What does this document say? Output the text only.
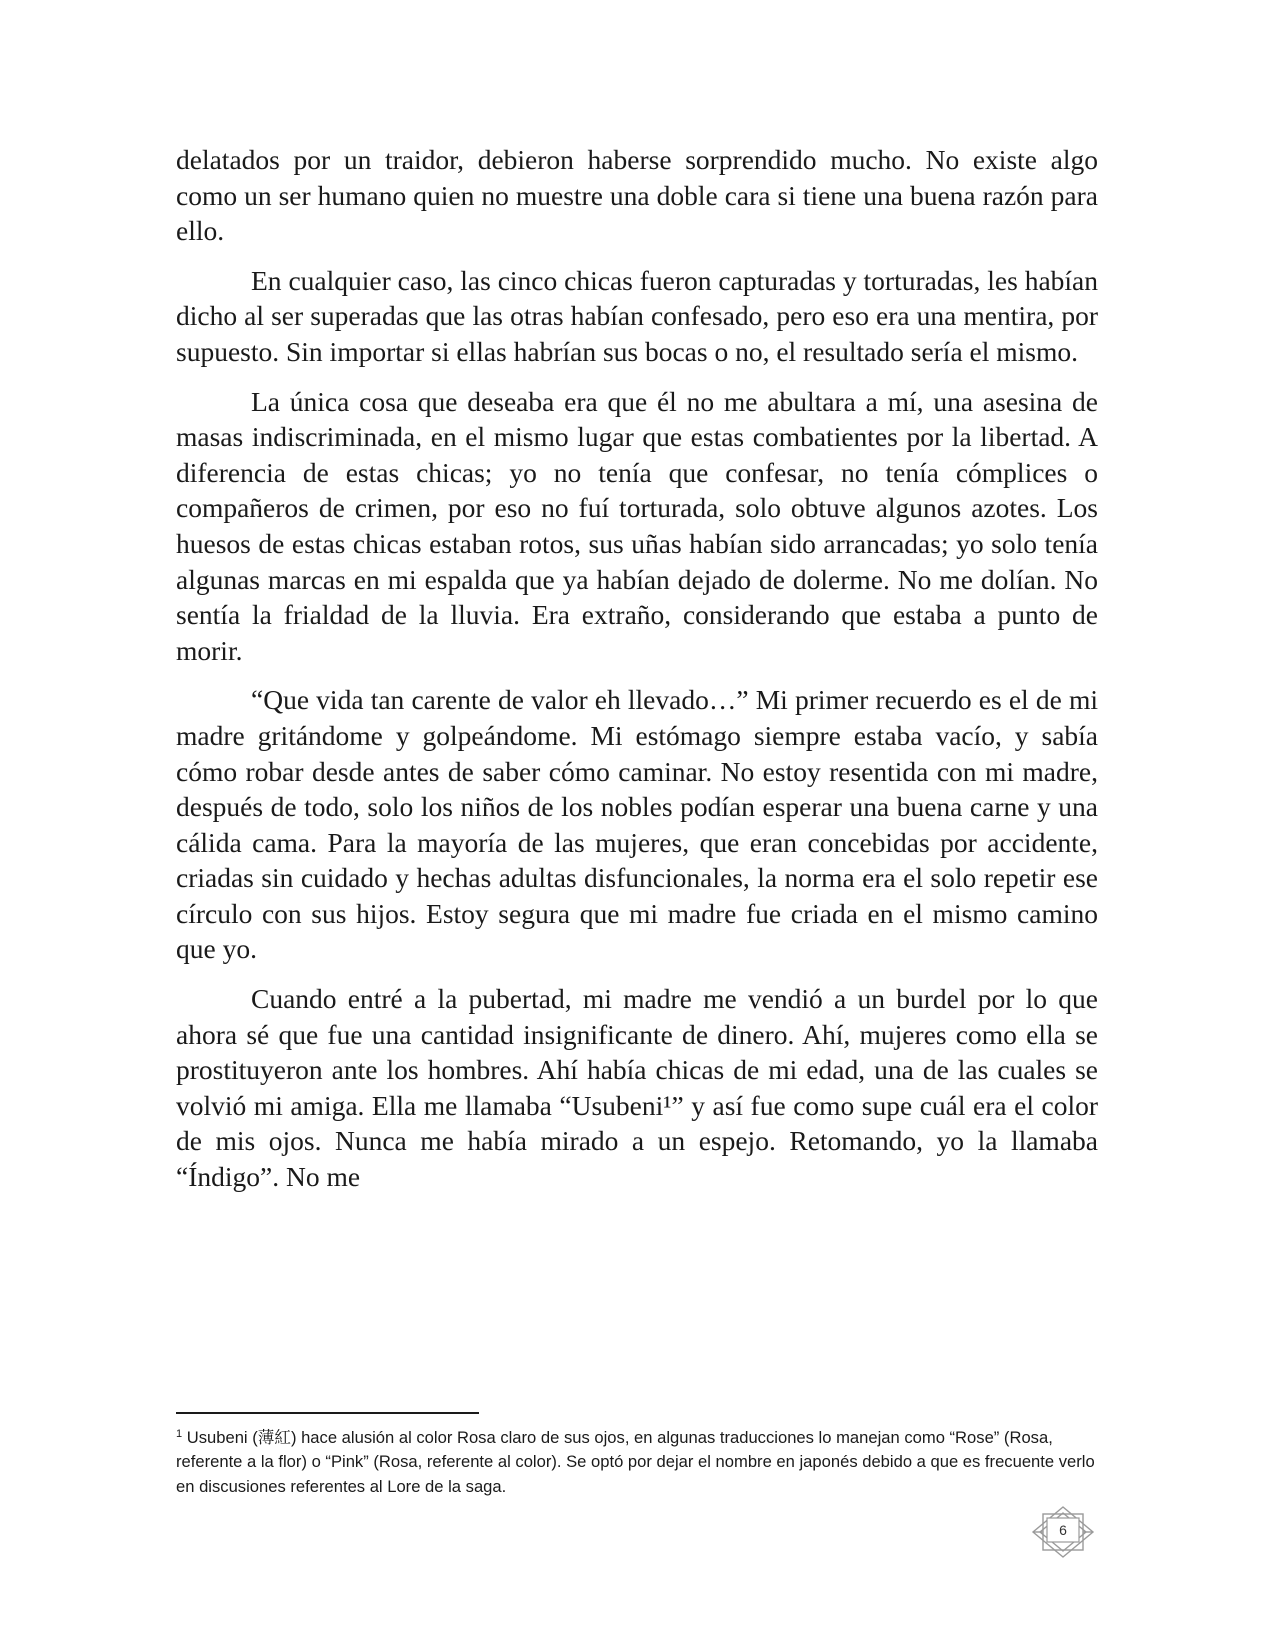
delatados por un traidor, debieron haberse sorprendido mucho. No existe algo como un ser humano quien no muestre una doble cara si tiene una buena razón para ello.

En cualquier caso, las cinco chicas fueron capturadas y torturadas, les habían dicho al ser superadas que las otras habían confesado, pero eso era una mentira, por supuesto. Sin importar si ellas habrían sus bocas o no, el resultado sería el mismo.

La única cosa que deseaba era que él no me abultara a mí, una asesina de masas indiscriminada, en el mismo lugar que estas combatientes por la libertad. A diferencia de estas chicas; yo no tenía que confesar, no tenía cómplices o compañeros de crimen, por eso no fuí torturada, solo obtuve algunos azotes. Los huesos de estas chicas estaban rotos, sus uñas habían sido arrancadas; yo solo tenía algunas marcas en mi espalda que ya habían dejado de dolerme. No me dolían. No sentía la frialdad de la lluvia. Era extraño, considerando que estaba a punto de morir.

“Que vida tan carente de valor eh llevado…” Mi primer recuerdo es el de mi madre gritándome y golpeándome. Mi estómago siempre estaba vacío, y sabía cómo robar desde antes de saber cómo caminar. No estoy resentida con mi madre, después de todo, solo los niños de los nobles podían esperar una buena carne y una cálida cama. Para la mayoría de las mujeres, que eran concebidas por accidente, criadas sin cuidado y hechas adultas disfuncionales, la norma era el solo repetir ese círculo con sus hijos. Estoy segura que mi madre fue criada en el mismo camino que yo.

Cuando entré a la pubertad, mi madre me vendió a un burdel por lo que ahora sé que fue una cantidad insignificante de dinero. Ahí, mujeres como ella se prostituyeron ante los hombres. Ahí había chicas de mi edad, una de las cuales se volvió mi amiga. Ella me llamaba “Usubeni¹” y así fue como supe cuál era el color de mis ojos. Nunca me había mirado a un espejo. Retomando, yo la llamaba “Índigo”. No me

$^1$ Usubeni (薄紅) hace alusión al color Rosa claro de sus ojos, en algunas traducciones lo manejan como “Rose” (Rosa, referente a la flor) o “Pink” (Rosa, referente al color). Se optó por dejar el nombre en japonés debido a que es frecuente verlo en discusiones referentes al Lore de la saga.
6
